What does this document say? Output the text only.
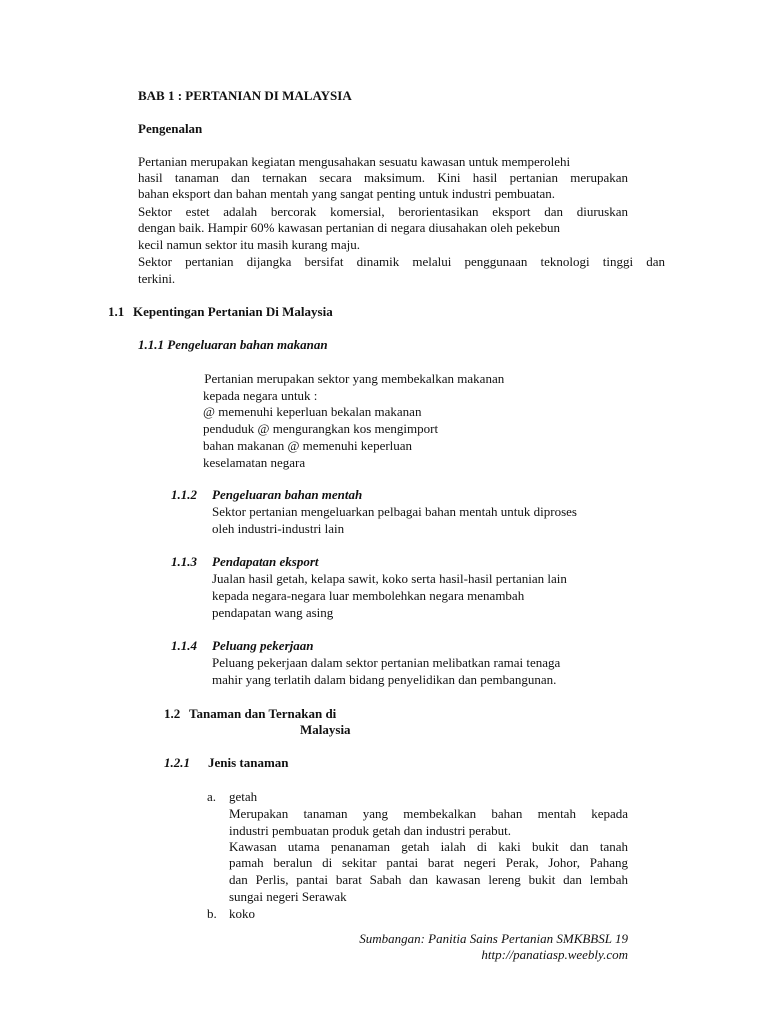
BAB 1 : PERTANIAN DI MALAYSIA
Pengenalan
Pertanian merupakan kegiatan mengusahakan sesuatu kawasan untuk memperolehi
hasil tanaman dan ternakan secara maksimum. Kini hasil pertanian merupakan
bahan eksport dan bahan mentah yang sangat penting untuk industri pembuatan.
Sektor estet adalah bercorak komersial, berorientasikan eksport dan diuruskan
dengan baik. Hampir 60% kawasan pertanian di negara diusahakan oleh pekebun
kecil namun sektor itu masih kurang maju.
Sektor pertanian dijangka bersifat dinamik melalui penggunaan teknologi tinggi dan
terkini.
1.1 Kepentingan Pertanian Di Malaysia
1.1.1 Pengeluaran bahan makanan
Pertanian merupakan sektor yang membekalkan makanan
kepada negara untuk :
@ memenuhi keperluan bekalan makanan
penduduk @ mengurangkan kos mengimport
bahan makanan @ memenuhi keperluan
keselamatan negara
1.1.2 Pengeluaran bahan mentah
Sektor pertanian mengeluarkan pelbagai bahan mentah untuk diproses
oleh industri-industri lain
1.1.3 Pendapatan eksport
Jualan hasil getah, kelapa sawit, koko serta hasil-hasil pertanian lain
kepada negara-negara luar membolehkan negara menambah
pendapatan wang asing
1.1.4 Peluang pekerjaan
Peluang pekerjaan dalam sektor pertanian melibatkan ramai tenaga
mahir yang terlatih dalam bidang penyelidikan dan pembangunan.
1.2 Tanaman dan Ternakan di
Malaysia
1.2.1 Jenis tanaman
a. getah
Merupakan tanaman yang membekalkan bahan mentah kepada
industri pembuatan produk getah dan industri perabut.
Kawasan utama penanaman getah ialah di kaki bukit dan tanah
pamah beralun di sekitar pantai barat negeri Perak, Johor, Pahang
dan Perlis, pantai barat Sabah dan kawasan lereng bukit dan lembah
sungai negeri Serawak
b. koko
Sumbangan: Panitia Sains Pertanian SMKBBSL 19
http://panatiasp.weebly.com
